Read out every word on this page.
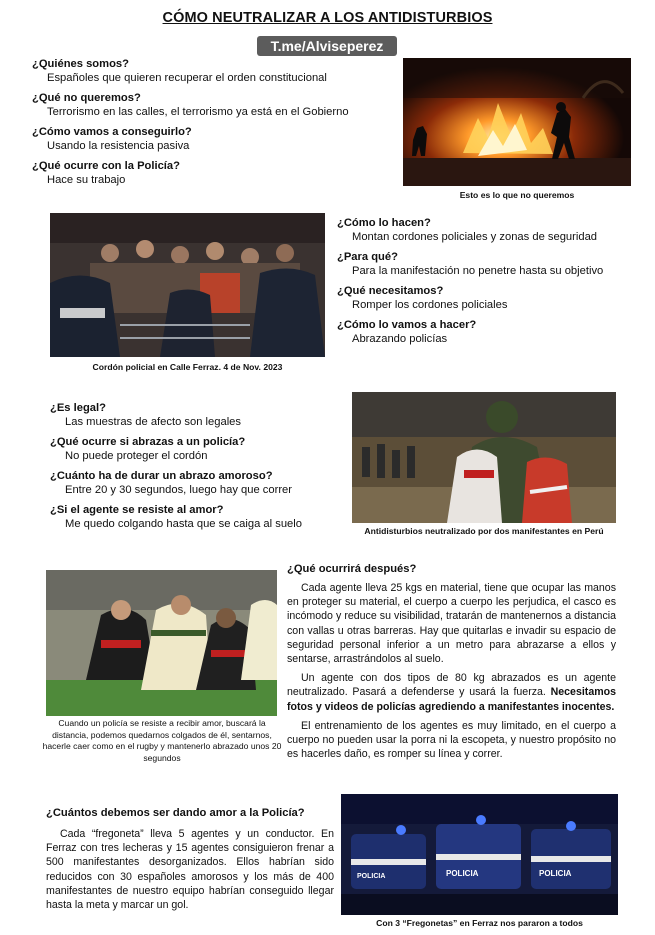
CÓMO NEUTRALIZAR A LOS ANTIDISTURBIOS
T.me/Alviseperez
¿Quiénes somos?
Españoles que quieren recuperar el orden constitucional
¿Qué no queremos?
Terrorismo en las calles, el terrorismo ya está en el Gobierno
¿Cómo vamos a conseguirlo?
Usando la resistencia pasiva
¿Qué ocurre con la Policía?
Hace su trabajo
Esto es lo que no queremos
Cordón policial en Calle Ferraz. 4 de Nov. 2023
¿Cómo lo hacen?
Montan cordones policiales y zonas de seguridad
¿Para qué?
Para la manifestación no penetre hasta su objetivo
¿Qué necesitamos?
Romper los cordones policiales
¿Cómo lo vamos a hacer?
Abrazando policías
¿Es legal?
Las muestras de afecto son legales
¿Qué ocurre si abrazas a un policía?
No puede proteger el cordón
¿Cuánto ha de durar un abrazo amoroso?
Entre 20 y 30 segundos, luego hay que correr
¿Si el agente se resiste al amor?
Me quedo colgando hasta que se caiga al suelo
Antidisturbios neutralizado por dos manifestantes en Perú
Cuando un policía se resiste a recibir amor, buscará la distancia, podemos quedarnos colgados de él, sentarnos, hacerle caer como en el rugby y mantenerlo abrazado unos 20 segundos
¿Qué ocurrirá después?

Cada agente lleva 25 kgs en material, tiene que ocupar las manos en proteger su material, el cuerpo a cuerpo les perjudica, el casco es incómodo y reduce su visibilidad, tratarán de mantenernos a distancia con vallas u otras barreras. Hay que quitarlas e invadir su espacio de seguridad personal inferior a un metro para abrazarse a ellos y sentarse, arrastrándolos al suelo.

Un agente con dos tipos de 80 kg abrazados es un agente neutralizado. Pasará a defenderse y usará la fuerza. Necesitamos fotos y videos de policías agrediendo a manifestantes inocentes.

El entrenamiento de los agentes es muy limitado, en el cuerpo a cuerpo no pueden usar la porra ni la escopeta, y nuestro propósito no es hacerles daño, es romper su línea y correr.

¿Cuántos debemos ser dando amor a la Policía?

Cada “fregoneta” lleva 5 agentes y un conductor. En Ferraz con tres lecheras y 15 agentes consiguieron frenar a 500 manifestantes desorganizados. Ellos habrían sido reducidos con 30 españoles amorosos y los más de 400 manifestantes de nuestro equipo habrían conseguido llegar hasta la meta y marcar un gol.

POLICIA	POLICIA	POLICIA
Con 3 “Fregonetas” en Ferraz nos pararon a todos
